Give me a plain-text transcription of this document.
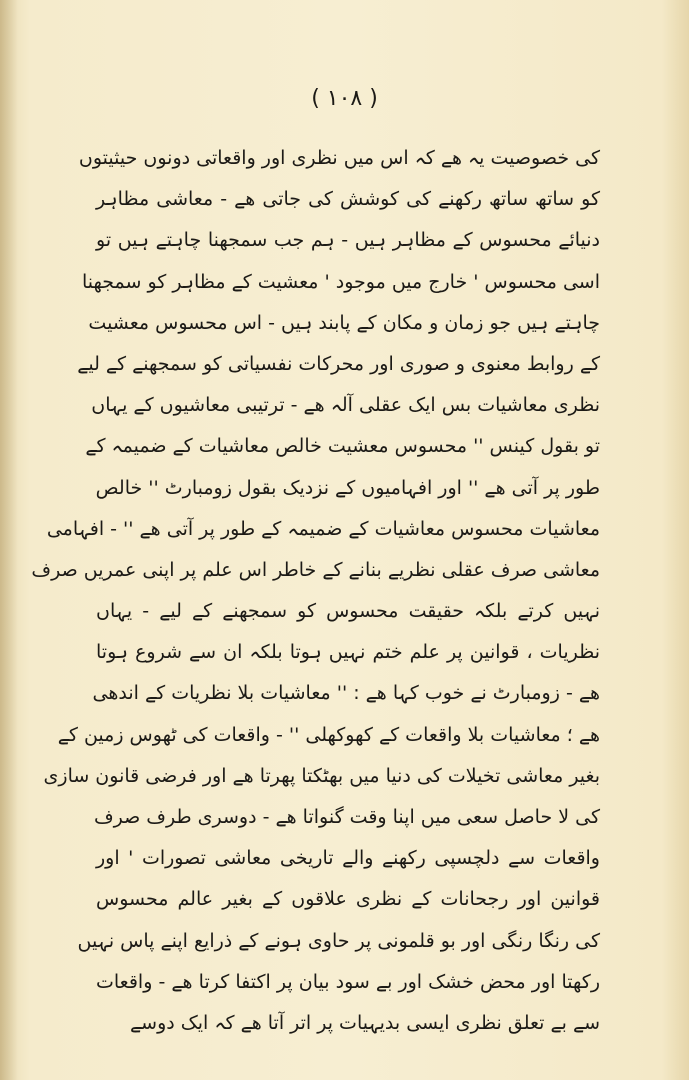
( ۱۰۸ )
کی خصوصیت یہ ھے کہ اس میں نظری اور واقعاتی دونوں حیثیتوں
کو ساتھ ساتھ رکھنے کی کوشش کی جاتی ھے - معاشی مظاہر
دنیائے محسوس کے مظاہر ہیں - ہم جب سمجھنا چاہتے ہیں تو
اسی محسوس ' خارج میں موجود ' معشیت کے مظاہر کو سمجھنا
چاہتے ہیں جو زمان و مکان کے پابند ہیں - اس محسوس معشیت
کے روابط معنوی و صوری اور محرکات نفسیاتی کو سمجھنے کے لیے
نظری معاشیات بس ایک عقلی آلہ ھے - ترتیبی معاشیوں کے یہاں
تو بقول کینس '' محسوس معشیت خالص معاشیات کے ضمیمہ کے
طور پر آتی ھے '' اور افہامیوں کے نزدیک بقول زومبارٹ '' خالص
معاشیات محسوس معاشیات کے ضمیمہ کے طور پر آتی ھے '' - افہامی
معاشی صرف عقلی نظریے بنانے کے خاطر اس علم پر اپنی عمریں صرف
نہیں کرتے بلکہ حقیقت محسوس کو سمجھنے کے لیے - یہاں
نظریات ، قوانین پر علم ختم نہیں ہوتا بلکہ ان سے شروع ہوتا
ھے - زومبارٹ نے خوب کہا ھے : '' معاشیات بلا نظریات کے اندھی
ھے ؛ معاشیات بلا واقعات کے کھوکھلی '' - واقعات کی ٹھوس زمین کے
بغیر معاشی تخیلات کی دنیا میں بھٹکتا پھرتا ھے اور فرضی قانون سازی
کی لا حاصل سعی میں اپنا وقت گنواتا ھے - دوسری طرف صرف
واقعات سے دلچسپی رکھنے والے تاریخی معاشی تصورات ' اور
قوانین اور رجحانات کے نظری علاقوں کے بغیر عالم محسوس
کی رنگا رنگی اور بو قلمونی پر حاوی ہونے کے ذرایع اپنے پاس نہیں
رکھتا اور محض خشک اور بے سود بیان پر اکتفا کرتا ھے - واقعات
سے بے تعلق نظری ایسی بدیہیات پر اتر آتا ھے کہ ایک دوسے
